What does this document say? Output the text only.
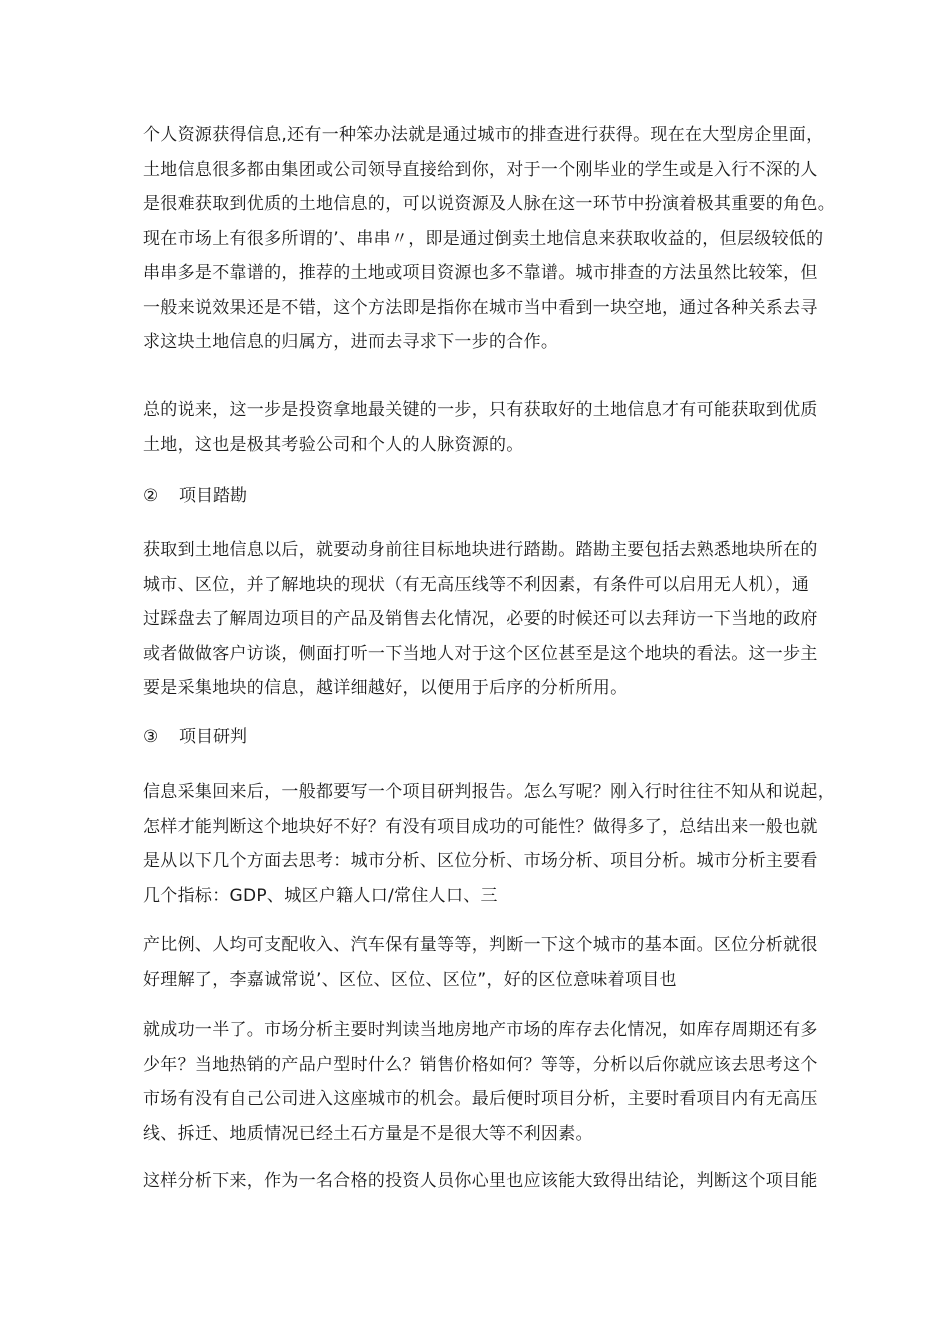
个人资源获得信息,还有一种笨办法就是通过城市的排查进行获得。现在在大型房企里面，
土地信息很多都由集团或公司领导直接给到你，对于一个刚毕业的学生或是入行不深的人
是很难获取到优质的土地信息的，可以说资源及人脉在这一环节中扮演着极其重要的角色。
现在市场上有很多所谓的’、串串〃，即是通过倒卖土地信息来获取收益的，但层级较低的
串串多是不靠谱的，推荐的土地或项目资源也多不靠谱。城市排查的方法虽然比较笨，但
一般来说效果还是不错，这个方法即是指你在城市当中看到一块空地，通过各种关系去寻
求这块土地信息的归属方，进而去寻求下一步的合作。

总的说来，这一步是投资拿地最关键的一步，只有获取好的土地信息才有可能获取到优质
土地，这也是极其考验公司和个人的人脉资源的。

② 项目踏勘

获取到土地信息以后，就要动身前往目标地块进行踏勘。踏勘主要包括去熟悉地块所在的
城市、区位，并了解地块的现状（有无高压线等不利因素，有条件可以启用无人机），通
过踩盘去了解周边项目的产品及销售去化情况，必要的时候还可以去拜访一下当地的政府
或者做做客户访谈，侧面打听一下当地人对于这个区位甚至是这个地块的看法。这一步主
要是采集地块的信息，越详细越好，以便用于后序的分析所用。

③ 项目研判

信息采集回来后，一般都要写一个项目研判报告。怎么写呢？刚入行时往往不知从和说起，
怎样才能判断这个地块好不好？有没有项目成功的可能性？做得多了，总结出来一般也就
是从以下几个方面去思考：城市分析、区位分析、市场分析、项目分析。城市分析主要看
几个指标：GDP、城区户籍人口/常住人口、三

产比例、人均可支配收入、汽车保有量等等，判断一下这个城市的基本面。区位分析就很
好理解了，李嘉诚常说’、区位、区位、区位”，好的区位意味着项目也

就成功一半了。市场分析主要时判读当地房地产市场的库存去化情况，如库存周期还有多
少年？当地热销的产品户型时什么？销售价格如何？等等，分析以后你就应该去思考这个
市场有没有自己公司进入这座城市的机会。最后便时项目分析，主要时看项目内有无高压
线、拆迁、地质情况已经土石方量是不是很大等不利因素。

这样分析下来，作为一名合格的投资人员你心里也应该能大致得出结论，判断这个项目能
